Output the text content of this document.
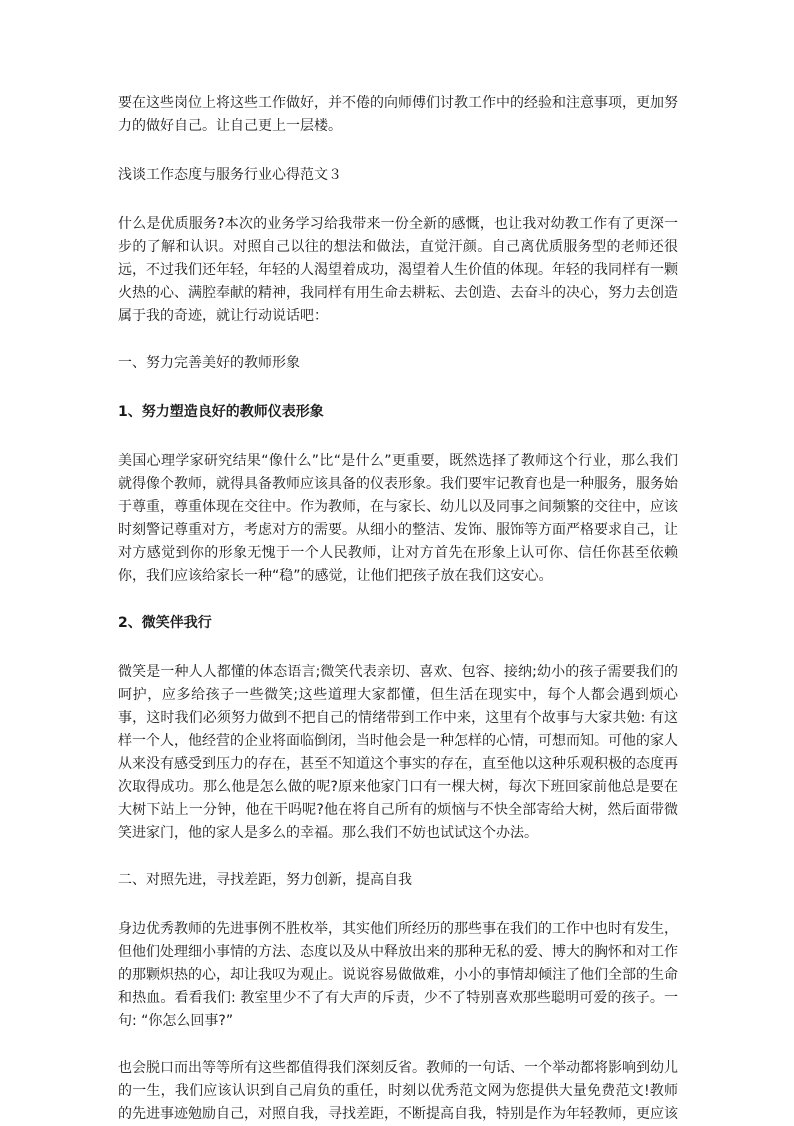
要在这些岗位上将这些工作做好，并不倦的向师傅们讨教工作中的经验和注意事项，更加努力的做好自己。让自己更上一层楼。

浅谈工作态度与服务行业心得范文３

什么是优质服务?本次的业务学习给我带来一份全新的感慨，也让我对幼教工作有了更深一步的了解和认识。对照自己以往的想法和做法，直觉汗颜。自己离优质服务型的老师还很远，不过我们还年轻，年轻的人渴望着成功，渴望着人生价值的体现。年轻的我同样有一颗火热的心、满腔奉献的精神，我同样有用生命去耕耘、去创造、去奋斗的决心，努力去创造属于我的奇迹，就让行动说话吧：

一、努力完善美好的教师形象

1、努力塑造良好的教师仪表形象

美国心理学家研究结果“像什么”比“是什么”更重要，既然选择了教师这个行业，那么我们就得像个教师，就得具备教师应该具备的仪表形象。我们要牢记教育也是一种服务，服务始于尊重，尊重体现在交往中。作为教师，在与家长、幼儿以及同事之间频繁的交往中，应该时刻警记尊重对方，考虑对方的需要。从细小的整洁、发饰、服饰等方面严格要求自己，让对方感觉到你的形象无愧于一个人民教师，让对方首先在形象上认可你、信任你甚至依赖你，我们应该给家长一种“稳”的感觉，让他们把孩子放在我们这安心。

2、微笑伴我行

微笑是一种人人都懂的体态语言;微笑代表亲切、喜欢、包容、接纳;幼小的孩子需要我们的呵护，应多给孩子一些微笑;这些道理大家都懂，但生活在现实中，每个人都会遇到烦心事，这时我们必须努力做到不把自己的情绪带到工作中来，这里有个故事与大家共勉: 有这样一个人，他经营的企业将面临倒闭，当时他会是一种怎样的心情，可想而知。可他的家人从来没有感受到压力的存在，甚至不知道这个事实的存在，直至他以这种乐观积极的态度再次取得成功。那么他是怎么做的呢?原来他家门口有一棵大树，每次下班回家前他总是要在大树下站上一分钟，他在干吗呢?他在将自己所有的烦恼与不快全部寄给大树，然后面带微笑进家门，他的家人是多么的幸福。那么我们不妨也试试这个办法。

二、对照先进，寻找差距，努力创新，提高自我

身边优秀教师的先进事例不胜枚举，其实他们所经历的那些事在我们的工作中也时有发生，但他们处理细小事情的方法、态度以及从中释放出来的那种无私的爱、博大的胸怀和对工作的那颗炽热的心，却让我叹为观止。说说容易做做难，小小的事情却倾注了他们全部的生命和热血。看看我们: 教室里少不了有大声的斥责，少不了特别喜欢那些聪明可爱的孩子。一句: “你怎么回事?”

也会脱口而出等等所有这些都值得我们深刻反省。教师的一句话、一个举动都将影响到幼儿的一生，我们应该认识到自己肩负的重任，时刻以优秀范文网为您提供大量免费范文!教师的先进事迹勉励自己，对照自我，寻找差距，不断提高自我，特别是作为年轻教师，更应该
